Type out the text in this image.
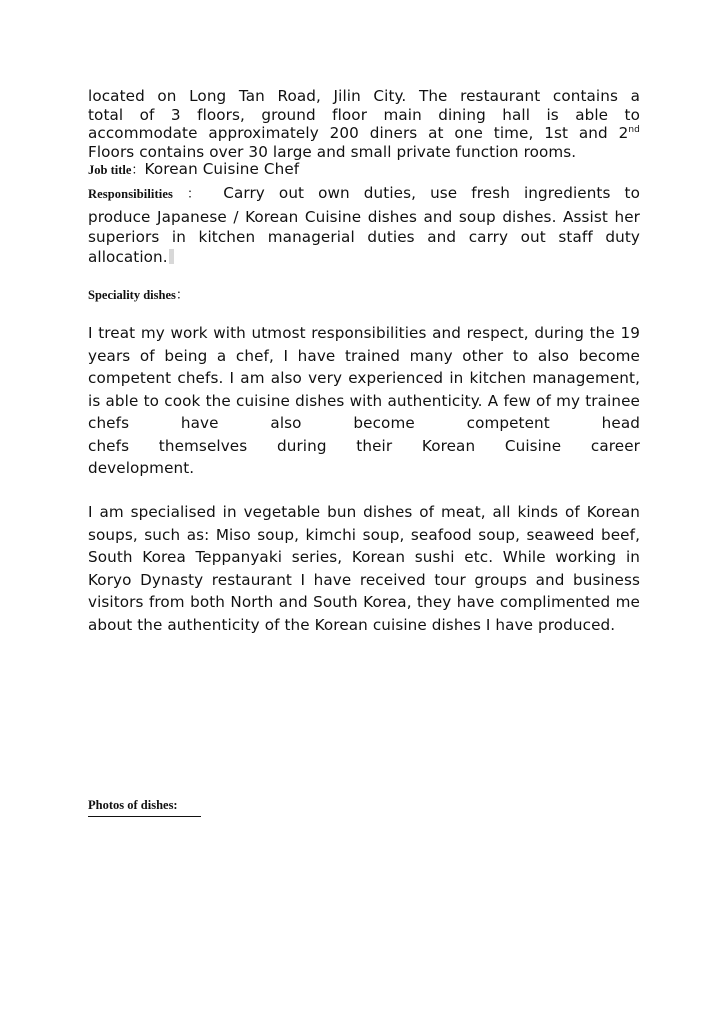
located on Long Tan Road, Jilin City. The restaurant contains a
total of 3 floors, ground floor main dining hall is able to
accommodate approximately 200 diners at one time, 1st and 2nd
Floors contains over 30 large and small private function rooms.
Job title：Korean Cuisine Chef
Responsibilities ： Carry out own duties, use fresh ingredients to
produce Japanese / Korean Cuisine dishes and soup dishes. Assist her superiors in kitchen managerial duties and carry out staff duty allocation.
Speciality dishes：
I treat my work with utmost responsibilities and respect, during the 19 years of being a chef, I have trained many other to also become competent chefs. I am also very experienced in kitchen management, is able to cook the cuisine dishes with authenticity. A few of my trainee chefs have also become competent head
chefs themselves during their Korean Cuisine career
development.
I am specialised in vegetable bun dishes of meat, all kinds of Korean soups, such as: Miso soup, kimchi soup, seafood soup, seaweed beef, South Korea Teppanyaki series, Korean sushi etc. While working in Koryo Dynasty restaurant I have received tour groups and business visitors from both North and South Korea, they have complimented me about the authenticity of the Korean cuisine dishes I have produced.
Photos of dishes:
